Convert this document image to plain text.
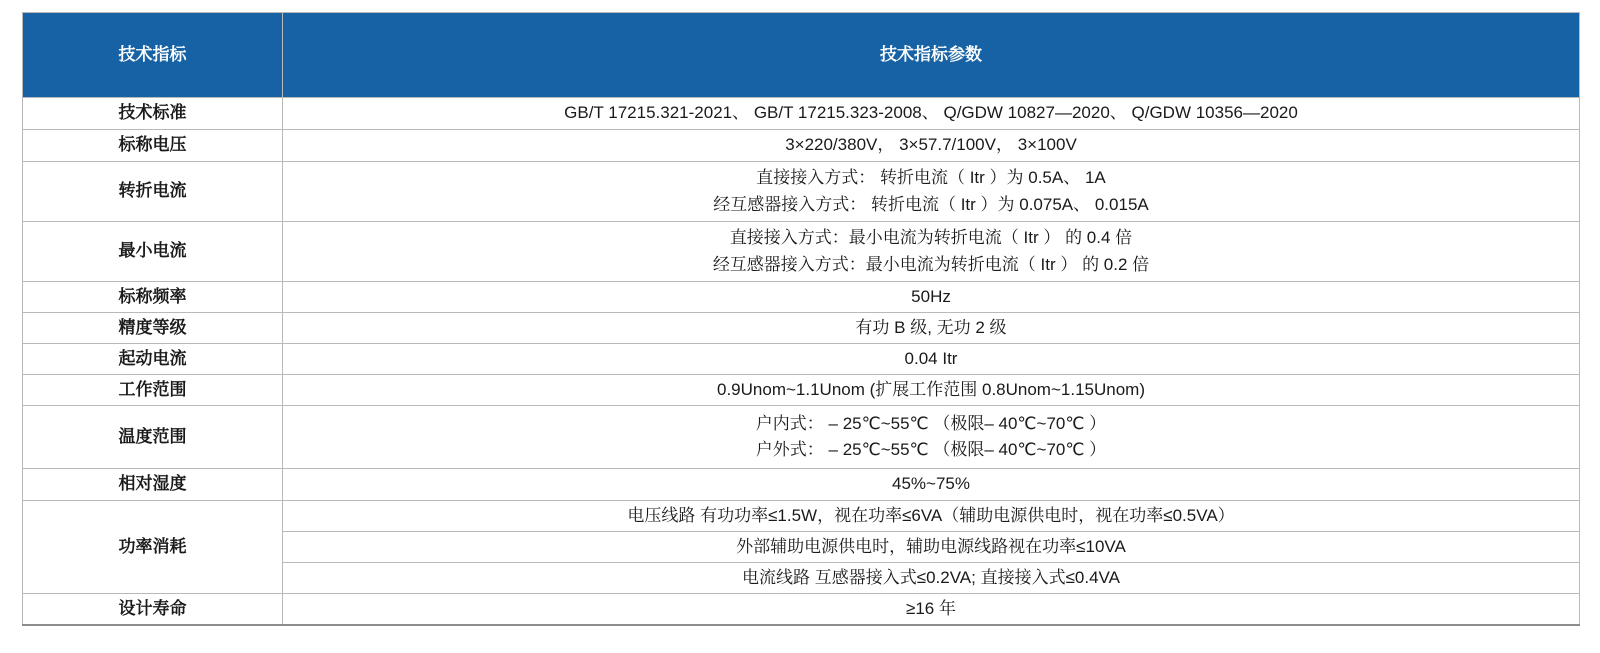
技术指标	技术指标参数
技术标准	GB/T 17215.321-2021、 GB/T 17215.323-2008、 Q/GDW 10827—2020、 Q/GDW 10356—2020
标称电压	3×220/380V， 3×57.7/100V， 3×100V
转折电流	直接接入方式： 转折电流（ Itr ）为 0.5A、 1A
经互感器接入方式： 转折电流（ Itr ）为 0.075A、 0.015A

最小电流	直接接入方式：最小电流为转折电流（ Itr ） 的 0.4 倍
经互感器接入方式：最小电流为转折电流（ Itr ） 的 0.2 倍

标称频率	50Hz
精度等级	有功 B 级, 无功 2 级
起动电流	0.04 Itr
工作范围	0.9Unom~1.1Unom (扩展工作范围 0.8Unom~1.15Unom)
温度范围	户内式： – 25℃~55℃ （极限– 40℃~70℃ ）
户外式： – 25℃~55℃ （极限– 40℃~70℃ ）

相对湿度	45%~75%
功率消耗	电压线路 有功功率≤1.5W，视在功率≤6VA（辅助电源供电时，视在功率≤0.5VA）
	外部辅助电源供电时，辅助电源线路视在功率≤10VA
	电流线路 互感器接入式≤0.2VA; 直接接入式≤0.4VA
设计寿命	≥16 年
